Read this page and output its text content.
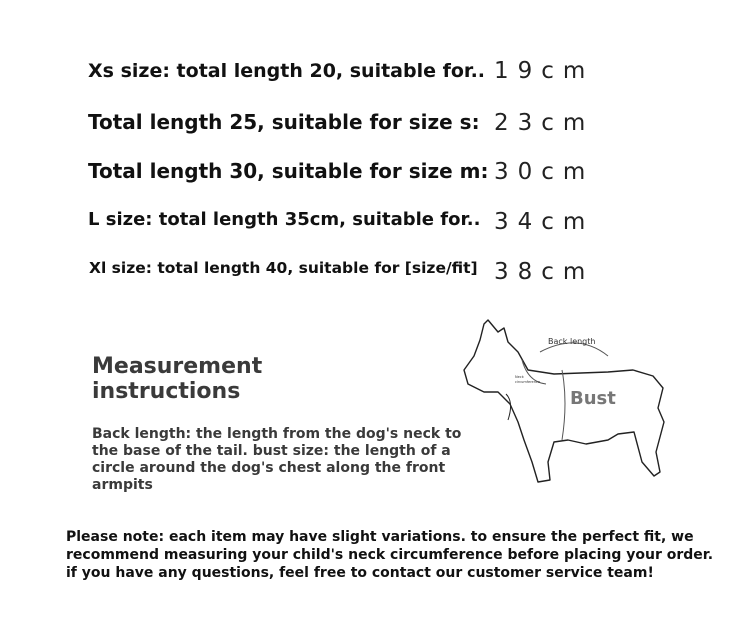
Xs size: total length 20, suitable for.. 19cm
Total length 25, suitable for size s: 23cm
Total length 30, suitable for size m: 30cm
L size: total length 35cm, suitable for.. 34cm
Xl size: total length 40, suitable for [size/fit] 38cm
Measurement instructions
Back length: the length from the dog's neck to the base of the tail. bust size: the length of a circle around the dog's chest along the front armpits
Back length
Neck circumference
Bust
Please note: each item may have slight variations. to ensure the perfect fit, we recommend measuring your child's neck circumference before placing your order. if you have any questions, feel free to contact our customer service team!
